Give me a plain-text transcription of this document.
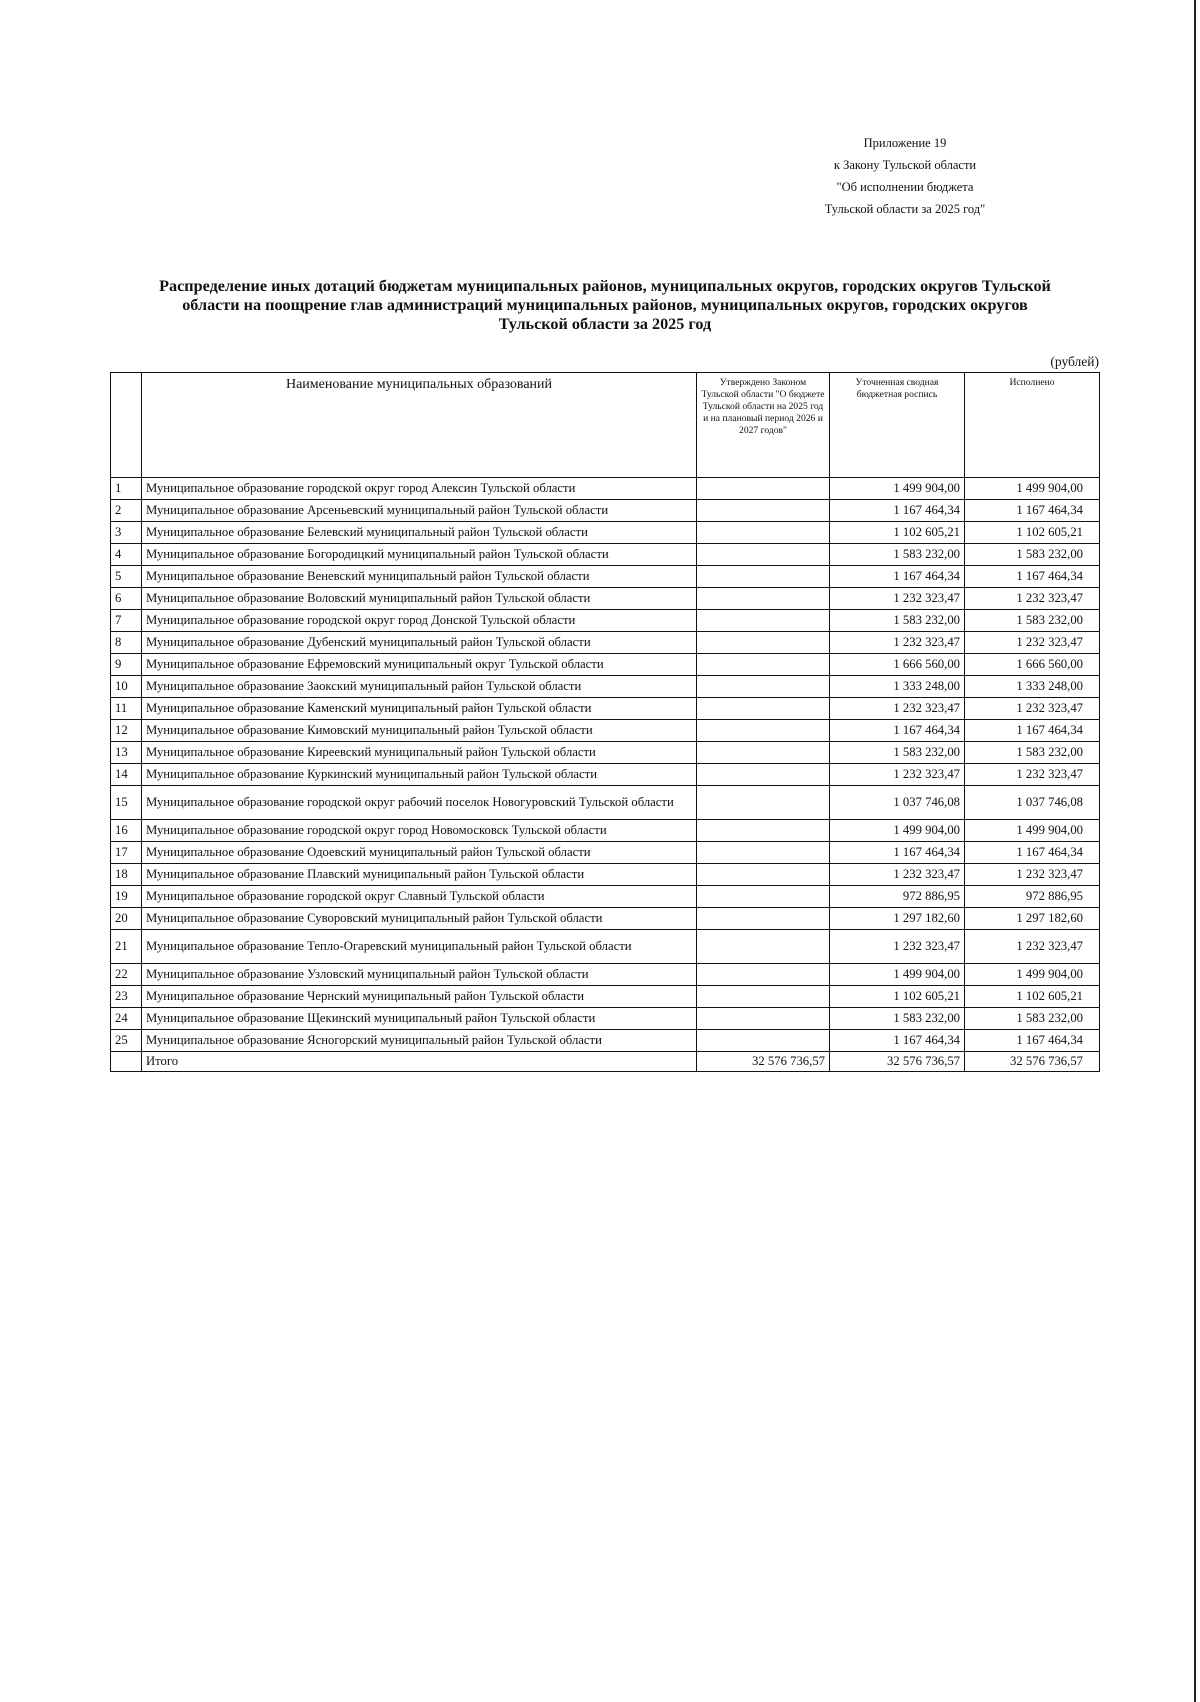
Приложение 19
к Закону Тульской области
"Об исполнении бюджета
Тульской области за 2025 год"
Распределение иных дотаций бюджетам муниципальных районов, муниципальных округов, городских округов Тульской
области на поощрение глав администраций муниципальных районов, муниципальных округов, городских округов
Тульской области за 2025 год
(рублей)
	Наименование муниципальных образований	Утверждено Законом Тульской области "О бюджете Тульской области на 2025 год и на плановый период 2026 и 2027 годов"	Уточненная сводная бюджетная роспись	Исполнено
1	Муниципальное образование городской округ город Алексин Тульской области		1 499 904,00	1 499 904,00
2	Муниципальное образование Арсеньевский муниципальный район Тульской области		1 167 464,34	1 167 464,34
3	Муниципальное образование Белевский муниципальный район Тульской области		1 102 605,21	1 102 605,21
4	Муниципальное образование Богородицкий муниципальный район Тульской области		1 583 232,00	1 583 232,00
5	Муниципальное образование Веневский муниципальный район Тульской области		1 167 464,34	1 167 464,34
6	Муниципальное образование Воловский муниципальный район Тульской области		1 232 323,47	1 232 323,47
7	Муниципальное образование городской округ город Донской Тульской области		1 583 232,00	1 583 232,00
8	Муниципальное образование Дубенский муниципальный район Тульской области		1 232 323,47	1 232 323,47
9	Муниципальное образование Ефремовский муниципальный округ Тульской области		1 666 560,00	1 666 560,00
10	Муниципальное образование Заокский муниципальный район Тульской области		1 333 248,00	1 333 248,00
11	Муниципальное образование Каменский муниципальный район Тульской области		1 232 323,47	1 232 323,47
12	Муниципальное образование Кимовский муниципальный район Тульской области		1 167 464,34	1 167 464,34
13	Муниципальное образование Киреевский муниципальный район Тульской области		1 583 232,00	1 583 232,00
14	Муниципальное образование Куркинский муниципальный район Тульской области		1 232 323,47	1 232 323,47
15	Муниципальное образование городской округ рабочий поселок Новогуровский Тульской области		1 037 746,08	1 037 746,08
16	Муниципальное образование городской округ город Новомосковск Тульской области		1 499 904,00	1 499 904,00
17	Муниципальное образование Одоевский муниципальный район Тульской области		1 167 464,34	1 167 464,34
18	Муниципальное образование Плавский муниципальный район Тульской области		1 232 323,47	1 232 323,47
19	Муниципальное образование городской округ Славный Тульской области		972 886,95	972 886,95
20	Муниципальное образование Суворовский муниципальный район Тульской области		1 297 182,60	1 297 182,60
21	Муниципальное образование Тепло-Огаревский муниципальный район Тульской области		1 232 323,47	1 232 323,47
22	Муниципальное образование Узловский муниципальный район Тульской области		1 499 904,00	1 499 904,00
23	Муниципальное образование Чернский муниципальный район Тульской области		1 102 605,21	1 102 605,21
24	Муниципальное образование Щекинский муниципальный район Тульской области		1 583 232,00	1 583 232,00
25	Муниципальное образование Ясногорский муниципальный район Тульской области		1 167 464,34	1 167 464,34
	Итого	32 576 736,57	32 576 736,57	32 576 736,57
